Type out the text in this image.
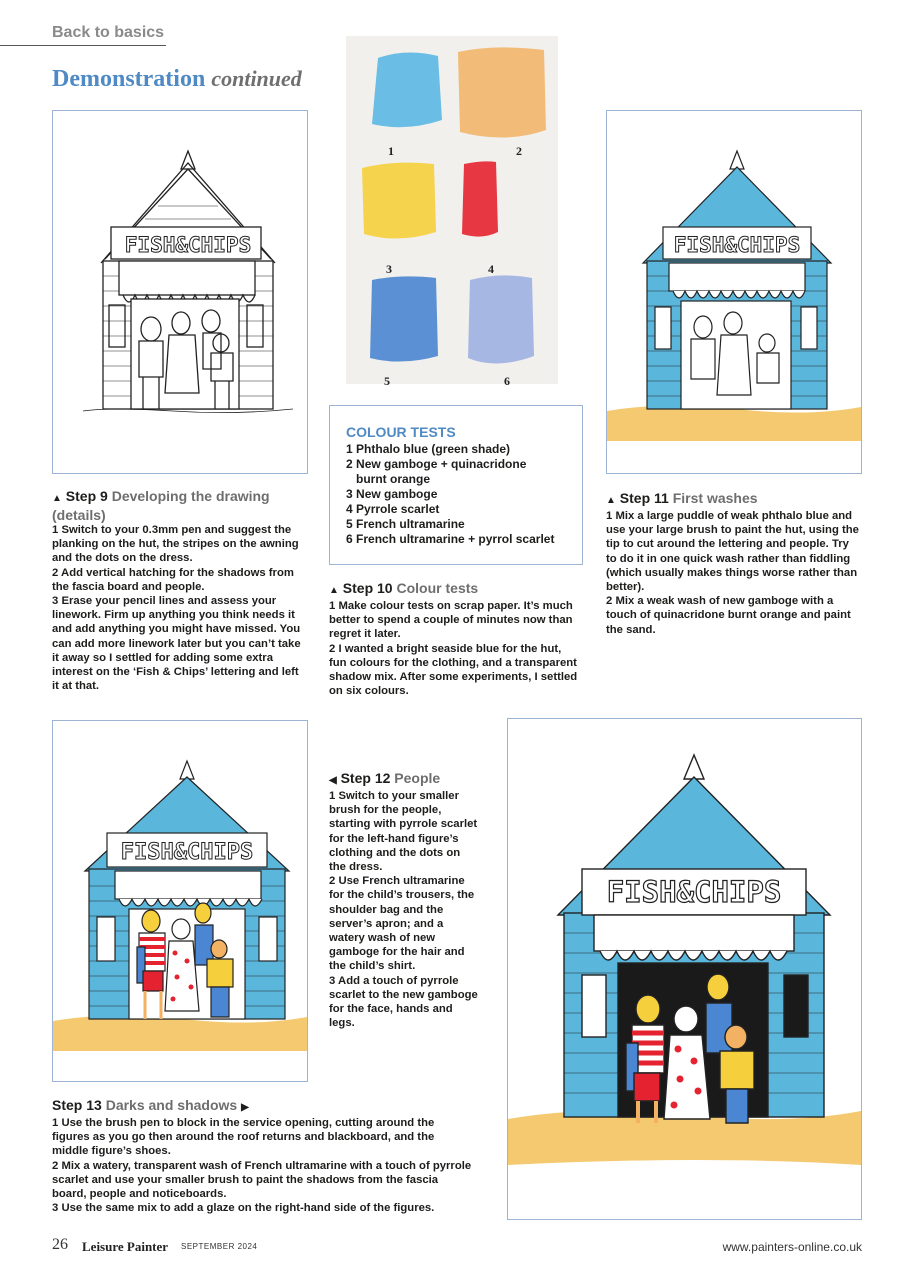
Back to basics
Demonstration continued
FISH&CHIPS
▲ Step 9 Developing the drawing (details)

1 Switch to your 0.3mm pen and suggest the planking on the hut, the stripes on the awning and the dots on the dress.

2 Add vertical hatching for the shadows from the fascia board and people.

3 Erase your pencil lines and assess your linework. Firm up anything you think needs it and add anything you might have missed. You can add more linework later but you can’t take it away so I settled for adding some extra interest on the ‘Fish & Chips’ lettering and left it at that.

1	2
3	4
5	6
COLOUR TESTS
1 Phthalo blue (green shade)
2 New gamboge + quinacridone
burnt orange
3 New gamboge
4 Pyrrole scarlet
5 French ultramarine
6 French ultramarine + pyrrol scarlet
▲ Step 10 Colour tests

1 Make colour tests on scrap paper. It’s much better to spend a couple of minutes now than regret it later.

2 I wanted a bright seaside blue for the hut, fun colours for the clothing, and a transparent shadow mix. After some experiments, I settled on six colours.

FISH&CHIPS
▲ Step 11 First washes

1 Mix a large puddle of weak phthalo blue and use your large brush to paint the hut, using the tip to cut around the lettering and people. Try to do it in one quick wash rather than fiddling (which usually makes things worse rather than better).

2 Mix a weak wash of new gamboge with a touch of quinacridone burnt orange and paint the sand.

FISH&CHIPS
◀ Step 12 People

1 Switch to your smaller brush for the people, starting with pyrrole scarlet for the left-hand figure’s clothing and the dots on the dress.

2 Use French ultramarine for the child’s trousers, the shoulder bag and the server’s apron; and a watery wash of new gamboge for the hair and the child’s shirt.

3 Add a touch of pyrrole scarlet to the new gamboge for the face, hands and legs.

FISH&CHIPS
Step 13 Darks and shadows ▶

1 Use the brush pen to block in the service opening, cutting around the figures as you go then around the roof returns and blackboard, and the middle figure’s shoes.

2 Mix a watery, transparent wash of French ultramarine with a touch of pyrrole scarlet and use your smaller brush to paint the shadows from the fascia board, people and noticeboards.

3 Use the same mix to add a glaze on the right-hand side of the figures.

26 Leisure Painter SEPTEMBER 2024	www.painters-online.co.uk
